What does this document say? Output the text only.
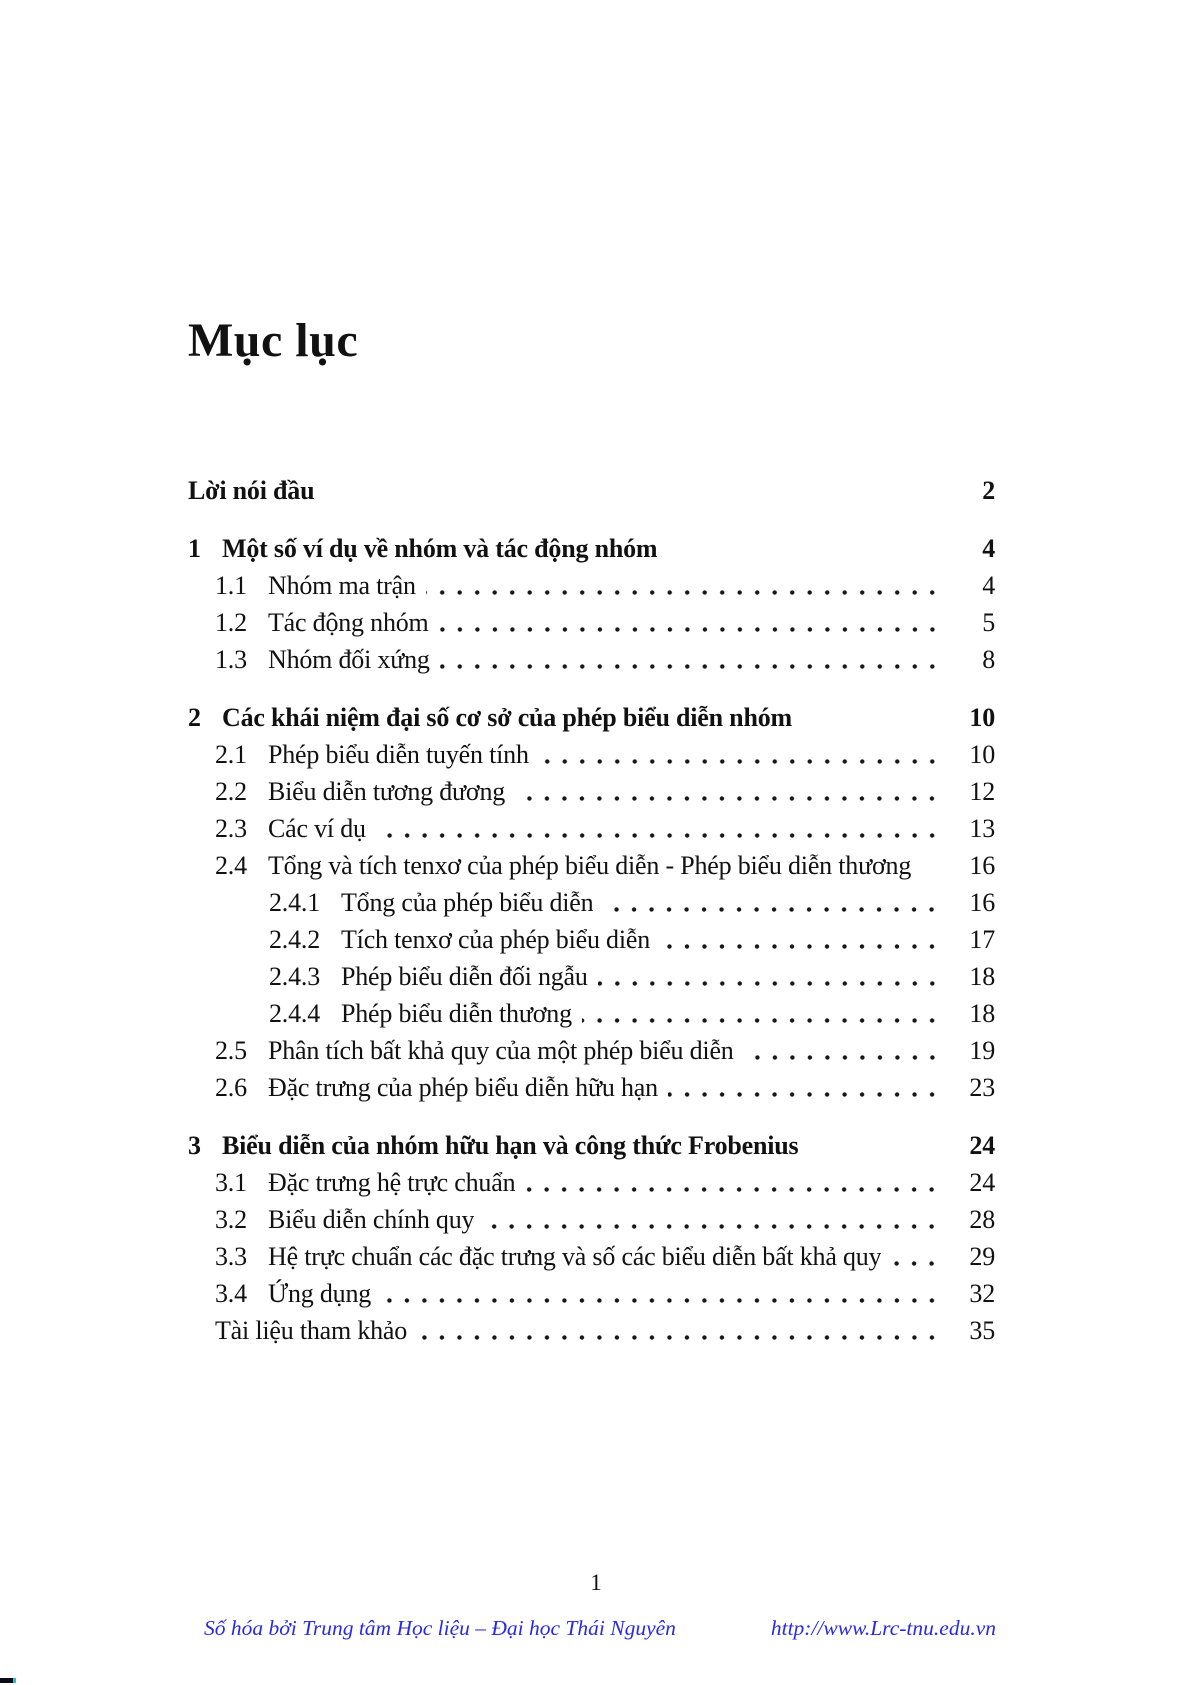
Mục lục
Lời nói đầu	2
1 Một số ví dụ về nhóm và tác động nhóm	4
1.1 Nhóm ma trận	4
1.2 Tác động nhóm	5
1.3 Nhóm đối xứng	8
2 Các khái niệm đại số cơ sở của phép biểu diễn nhóm	10
2.1 Phép biểu diễn tuyến tính	10
2.2 Biểu diễn tương đương	12
2.3 Các ví dụ	13
2.4 Tổng và tích tenxơ của phép biểu diễn - Phép biểu diễn thương	16
2.4.1 Tổng của phép biểu diễn	16
2.4.2 Tích tenxơ của phép biểu diễn	17
2.4.3 Phép biểu diễn đối ngẫu	18
2.4.4 Phép biểu diễn thương	18
2.5 Phân tích bất khả quy của một phép biểu diễn	19
2.6 Đặc trưng của phép biểu diễn hữu hạn	23
3 Biểu diễn của nhóm hữu hạn và công thức Frobenius	24
3.1 Đặc trưng hệ trực chuẩn	24
3.2 Biểu diễn chính quy	28
3.3 Hệ trực chuẩn các đặc trưng và số các biểu diễn bất khả quy	29
3.4 Ứng dụng	32
Tài liệu tham khảo	35
1
Số hóa bởi Trung tâm Học liệu – Đại học Thái Nguyên	http://www.Lrc-tnu.edu.vn
